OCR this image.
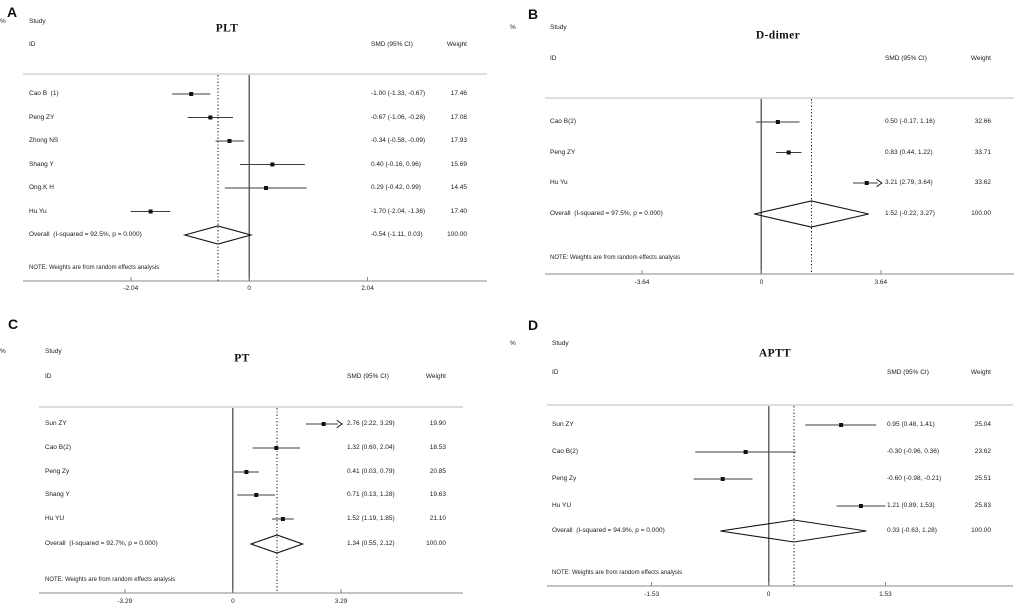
-2.04	0	2.04
Cao B  (1)	-1.00 (-1.33, -0.67)	17.46
Peng ZY	-0.67 (-1.06, -0.28)	17.08
Zhong NS	-0.34 (-0.58, -0.09)	17.93
Shang Y	0.40 (-0.16, 0.96)	15.69
Ong.K H	0.29 (-0.42, 0.99)	14.45
Hu Yu	-1.70 (-2.04, -1.36)	17.40
Overall  (I-squared = 92.5%, p = 0.000)	-0.54 (-1.11, 0.03)	100.00
A
PLT
Study
ID
%
SMD (95% CI)	Weight
NOTE: Weights are from random effects analysis
-3.64	0	3.64
Cao B(2)	0.50 (-0.17, 1.16)	32.66
Peng ZY	0.83 (0.44, 1.22)	33.71
Hu Yu	3.21 (2.79, 3.64)	33.62
Overall  (I-squared = 97.5%, p = 0.000)	1.52 (-0.22, 3.27)	100.00
B
D-dimer
Study
ID
%
SMD (95% CI)	Weight
NOTE: Weights are from random effects analysis
-3.29	0	3.29
Sun ZY	2.76 (2.22, 3.29)	19.90
Cao B(2)	1.32 (0.60, 2.04)	18.53
Peng Zy	0.41 (0.03, 0.79)	20.85
Shang Y	0.71 (0.13, 1.28)	19.63
Hu YU	1.52 (1.19, 1.85)	21.10
Overall  (I-squared = 92.7%, p = 0.000)	1.34 (0.55, 2.12)	100.00
C
PT
Study
ID
%
SMD (95% CI)	Weight
NOTE: Weights are from random effects analysis
-1.53	0	1.53
Sun ZY	0.95 (0.48, 1.41)	25.04
Cao B(2)	-0.30 (-0.96, 0.36)	23.62
Peng Zy	-0.60 (-0.98, -0.21)	25.51
Hu YU	1.21 (0.89, 1.53)	25.83
Overall  (I-squared = 94.9%, p = 0.000)	0.33 (-0.63, 1.28)	100.00
D
APTT
Study
ID
%
SMD (95% CI)	Weight
NOTE: Weights are from random effects analysis
